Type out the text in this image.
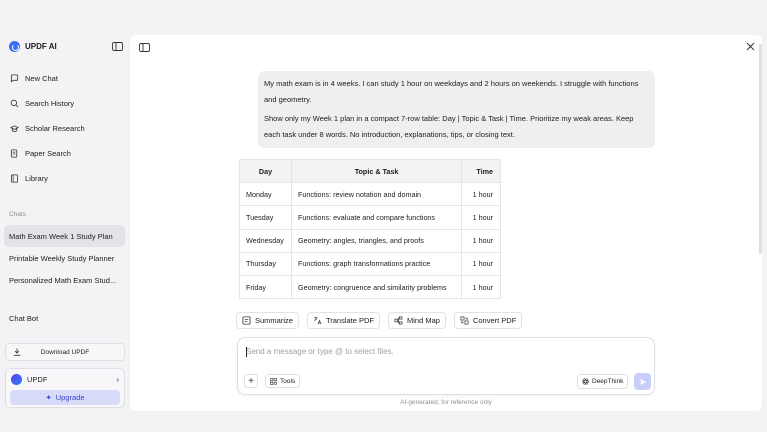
UPDF AI
New Chat
Search History
Scholar Research
Paper Search
Library
Chats
Math Exam Week 1 Study Plan
Printable Weekly Study Planner
Personalized Math Exam Stud...
Chat Bot
Download UPDF
UPDF	›
✦ Upgrade

My math exam is in 4 weeks. I can study 1 hour on weekdays and 2 hours on weekends. I struggle with functions and geometry.

Show only my Week 1 plan in a compact 7-row table: Day | Topic & Task | Time. Prioritize my weak areas. Keep each task under 8 words. No introduction, explanations, tips, or closing text.

Day	Topic & Task	Time
Monday	Functions: review notation and domain	1 hour
Tuesday	Functions: evaluate and compare functions	1 hour
Wednesday	Geometry: angles, triangles, and proofs	1 hour
Thursday	Functions: graph transformations practice	1 hour
Friday	Geometry: congruence and similarity problems	1 hour
Summarize	Translate PDF	Mind Map	Convert PDF
Send a message or type @ to select files.
+	Tools	DeepThink
AI-generated, for reference only
